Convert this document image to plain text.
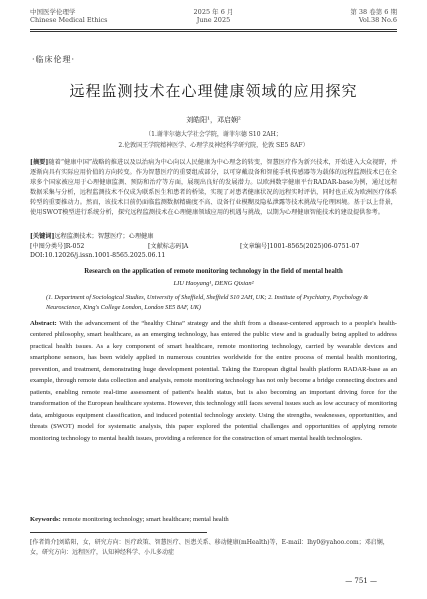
中国医学伦理学
Chinese Medical Ethics
2025 年 6 月
June 2025
第 38 卷第 6 期
Vol.38 No.6
·临床伦理·
远程监测技术在心理健康领域的应用探究
刘皓阳¹，邓启娴²
（1.谢菲尔德大学社会学院，谢菲尔德 S10 2AH；
2.伦敦国王学院精神医学、心理学及神经科学研究院，伦敦 SE5 8AF）
[摘要]随着“健康中国”战略的推进以及以治病为中心向以人民健康为中心理念的转变，智慧医疗作为新兴技术，开始进入大众视野，并逐渐向具有实际应用价值的方向转变。作为智慧医疗的重要组成部分，以可穿戴设备和智能手机传感器等为载体的远程监测技术已在全球多个国家被应用于心理健康监测、预防和治疗等方面，展现出良好的发展潜力。以欧洲数字健康平台RADAR-base为例，通过远程数据采集与分析，远程监测技术不仅成为联系医生和患者的桥梁，实现了对患者健康状况的远程实时评估，同时也正成为欧洲医疗体系转型的重要推动力。然而，该技术目前仍面临监测数据精确度不高、设备行业模糊及隐私泄露等技术挑战与伦理困境。基于以上背景，使用SWOT模型进行系统分析，探究远程监测技术在心理健康领域应用的机遇与挑战，以期为心理健康智能技术的建设提供参考。
[关键词]远程监测技术；智慧医疗；心理健康
[中图分类号]R-052	[文献标志码]A	[文章编号]1001-8565(2025)06-0751-07
DOI:10.12026/j.issn.1001-8565.2025.06.11
Research on the application of remote monitoring technology in the field of mental health
LIU Haoyang¹, DENG Qixian²
(1. Department of Sociological Studies, University of Sheffield, Sheffield S10 2AH, UK; 2. Institute of Psychiatry, Psychology & Neuroscience, King's College London, London SE5 8AF, UK)
Abstract: With the advancement of the “healthy China” strategy and the shift from a disease-centered approach to a people's health-centered philosophy, smart healthcare, as an emerging technology, has entered the public view and is gradually being applied to address practical health issues. As a key component of smart healthcare, remote monitoring technology, carried by wearable devices and smartphone sensors, has been widely applied in numerous countries worldwide for the entire process of mental health monitoring, prevention, and treatment, demonstrating huge development potential. Taking the European digital health platform RADAR-base as an example, through remote data collection and analysis, remote monitoring technology has not only become a bridge connecting doctors and patients, enabling remote real-time assessment of patient's health status, but is also becoming an important driving force for the transformation of the European healthcare systems. However, this technology still faces several issues such as low accuracy of monitoring data, ambiguous equipment classification, and induced potential technology anxiety. Using the strengths, weaknesses, opportunities, and threats (SWOT) model for systematic analysis, this paper explored the potential challenges and opportunities of applying remote monitoring technology to mental health issues, providing a reference for the construction of smart mental health technologies.
Keywords: remote monitoring technology; smart healthcare; mental health
[作者简介]刘皓阳，女，研究方向：医疗政策、智慧医疗、医患关系、移动健康(mHealth)等，E-mail：lhy0@yahoo.com；邓启娴，女，研究方向：远程医疗，认知神经科学、小儿多动症
— 751 —
